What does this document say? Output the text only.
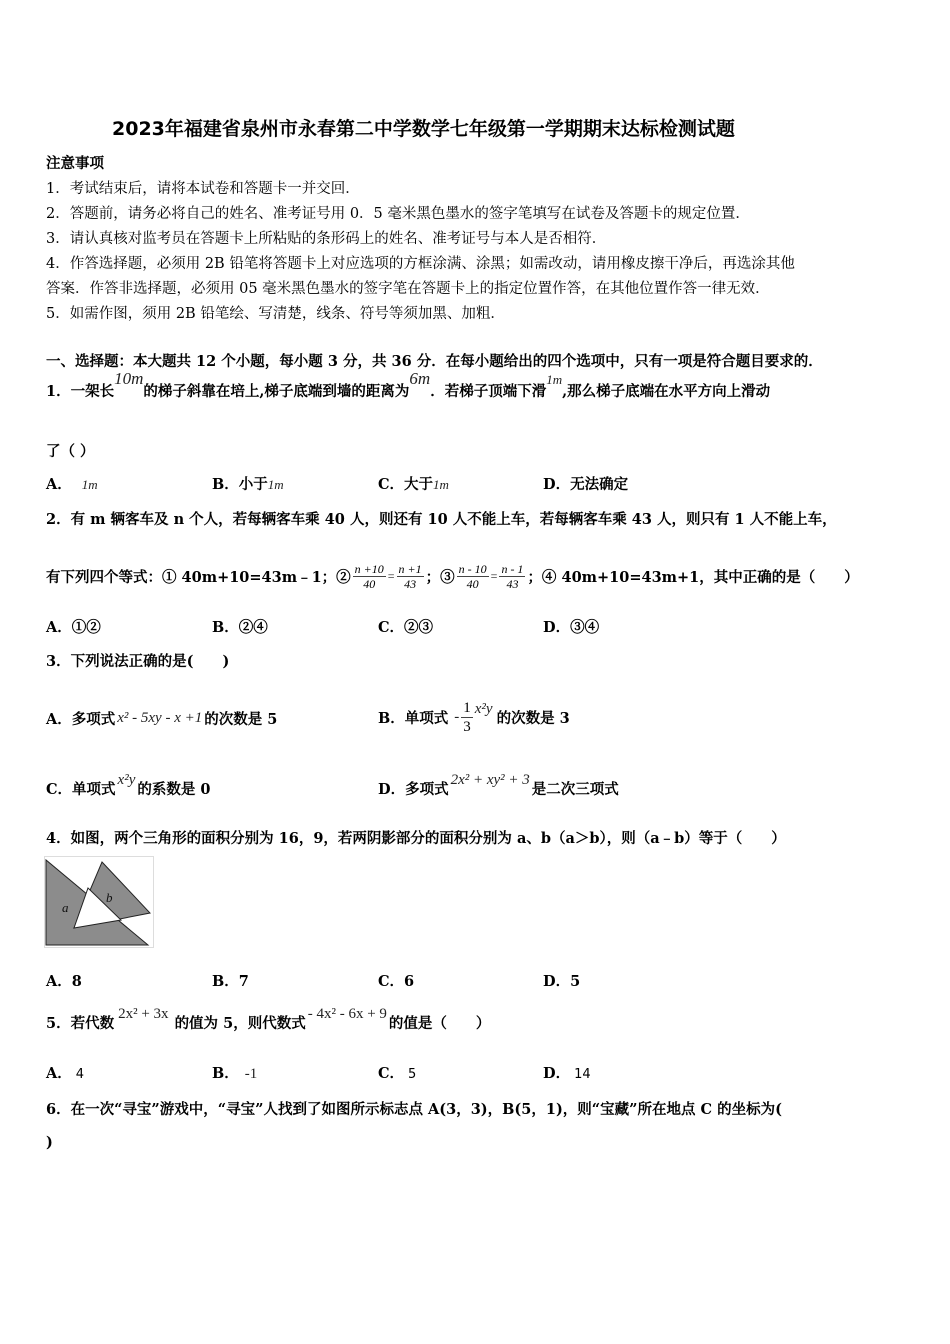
2023年福建省泉州市永春第二中学数学七年级第一学期期末达标检测试题
注意事项
1．考试结束后，请将本试卷和答题卡一并交回．
2．答题前，请务必将自己的姓名、准考证号用 0．5 毫米黑色墨水的签字笔填写在试卷及答题卡的规定位置．
3．请认真核对监考员在答题卡上所粘贴的条形码上的姓名、准考证号与本人是否相符．
4．作答选择题，必须用 2B 铅笔将答题卡上对应选项的方框涂满、涂黑；如需改动，请用橡皮擦干净后，再选涂其他
答案．作答非选择题，必须用 05 毫米黑色墨水的签字笔在答题卡上的指定位置作答，在其他位置作答一律无效．
5．如需作图，须用 2B 铅笔绘、写清楚，线条、符号等须加黑、加粗．
一、选择题：本大题共 12 个小题，每小题 3 分，共 36 分．在每小题给出的四个选项中，只有一项是符合题目要求的．
1．一架长10m的梯子斜靠在培上,梯子底端到墙的距离为6m．若梯子顶端下滑1m,那么梯子底端在水平方向上滑动
了（ ）
A． 1m	B．小于1m	C．大于1m	D．无法确定
2．有 m 辆客车及 n 个人，若每辆客车乘 40 人，则还有 10 人不能上车，若每辆客车乘 43 人，则只有 1 人不能上车，
有下列四个等式：① 40m+10=43m﹣1；② $\frac{n +10}{40} = \frac{n +1}{43}$ ；③ $\frac{n - 10}{40} = \frac{n - 1}{43}$ ；④ 40m+10=43m+1，其中正确的是（　　）
A．①②	B．②④	C．②③	D．③④
3．下列说法正确的是(　　)
A．多项式 x² - 5xy - x +1 的次数是 5	B．单项式 - $\frac{1}{3} x^2y$
的次数是 3
C．单项式
x²y
的系数是 0	D．多项式
2x² + xy² + 3
是二次三项式
4．如图，两个三角形的面积分别为 16，9，若两阴影部分的面积分别为 a、b（a＞b），则（a﹣b）等于（　　）
a
b
A．8	B．7	C．6	D．5
5．若代数
2x² + 3x
的值为 5，则代数式
- 4x² - 6x + 9
的值是（　　）
A． 4	B． -1	C． 5	D． 14
6．在一次“寻宝”游戏中，“寻宝”人找到了如图所示标志点 A(3，3)，B(5，1)，则“宝藏”所在地点 C 的坐标为(
)
